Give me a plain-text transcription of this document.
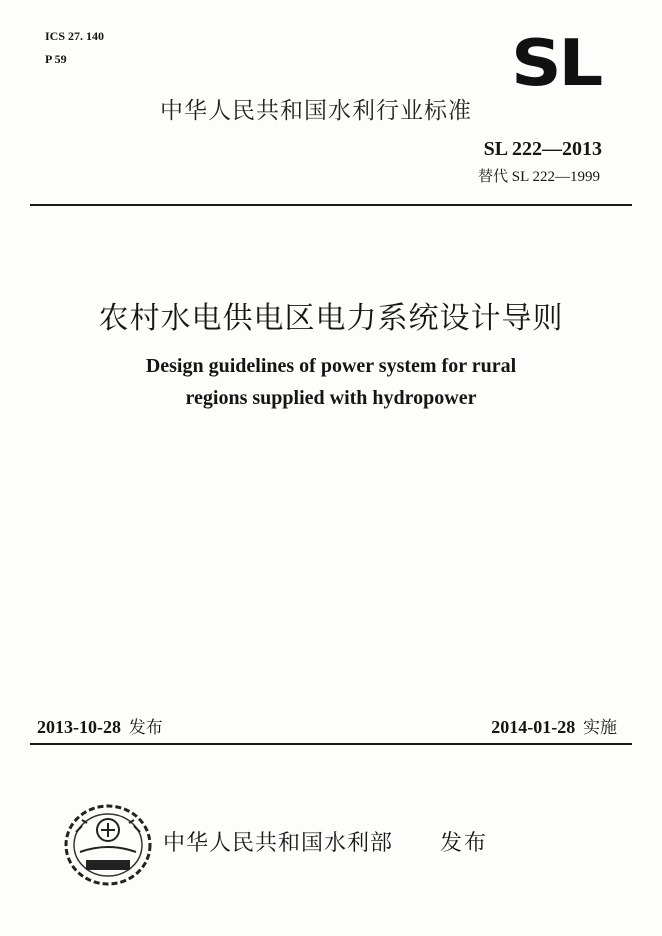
ICS 27. 140
P 59	SL
中华人民共和国水利行业标准
SL 222—2013
替代 SL 222—1999
农村水电供电区电力系统设计导则
Design guidelines of power system for rural
regions supplied with hydropower
2013-10-28 发布	2014-01-28 实施
中华人民共和国水利部 发布
